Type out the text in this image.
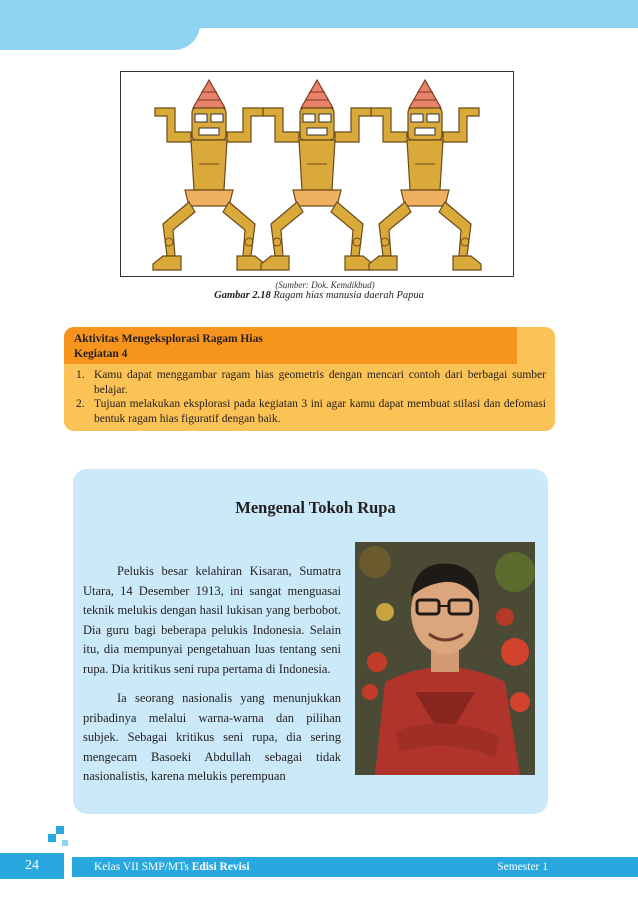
(Sumber: Dok. Kemdikbud)
Gambar 2.18 Ragam hias manusia daerah Papua
Aktivitas Mengeksplorasi Ragam Hias
Kegiatan 4
1. Kamu dapat menggambar ragam hias geometris dengan mencari contoh dari berbagai sumber belajar.
2. Tujuan melakukan eksplorasi pada kegiatan 3 ini agar kamu dapat membuat stilasi dan defomasi bentuk ragam hias figuratif dengan baik.
Mengenal Tokoh Rupa

Pelukis besar kelahiran Kisaran, Sumatra Utara, 14 Desember 1913, ini sangat menguasai teknik melukis dengan hasil lukisan yang berbobot. Dia guru bagi beberapa pelukis Indonesia. Selain itu, dia mempunyai pengetahuan luas tentang seni rupa. Dia kritikus seni rupa pertama di Indonesia.

Ia seorang nasionalis yang menunjukkan pribadinya melalui warna-warna dan pilihan subjek. Sebagai kritikus seni rupa, dia sering mengecam Basoeki Abdullah sebagai tidak nasionalistis, karena melukis perempuan

24	Kelas VII SMP/MTs Edisi Revisi	Semester 1
